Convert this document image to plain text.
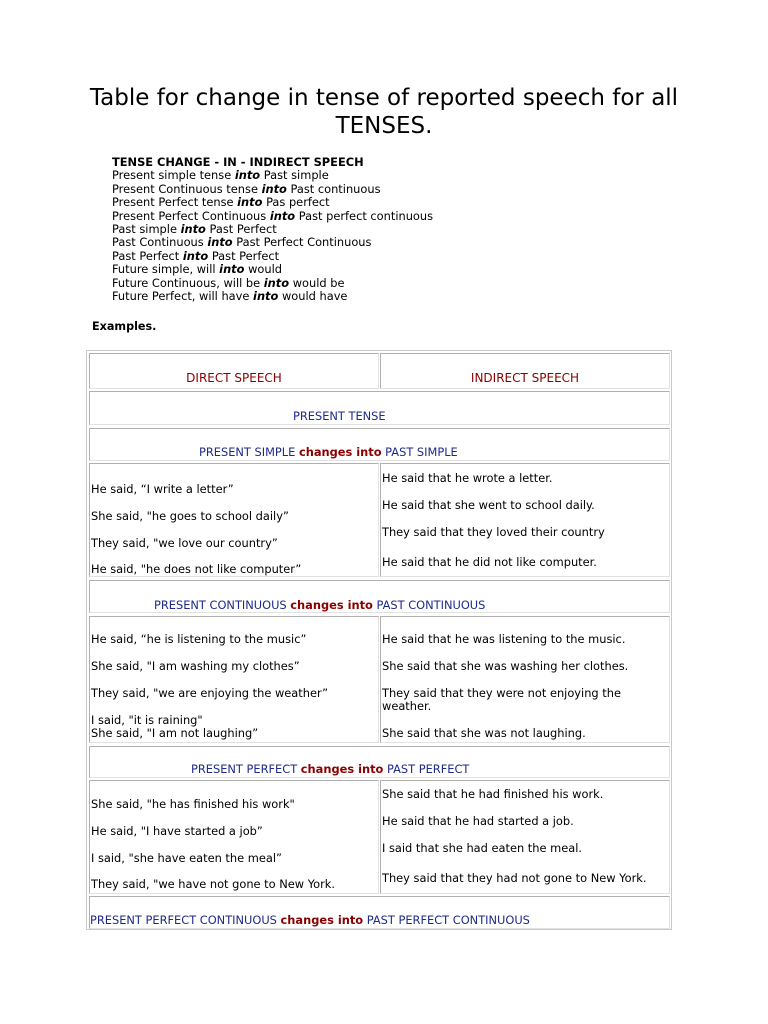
Table for change in tense of reported speech for all TENSES.
TENSE CHANGE - IN - INDIRECT SPEECH
Present simple tense into Past simple
Present Continuous tense into Past continuous
Present Perfect tense into Pas perfect
Present Perfect Continuous into Past perfect continuous
Past simple into Past Perfect
Past Continuous into Past Perfect Continuous
Past Perfect into Past Perfect
Future simple, will into would
Future Continuous, will be into would be
Future Perfect, will have into would have
Examples.
DIRECT SPEECH	INDIRECT SPEECH
PRESENT TENSE
PRESENT SIMPLE changes into PAST SIMPLE
He said, “I write a letter”
She said, "he goes to school daily”
They said, "we love our country”
He said, "he does not like computer”
He said that he wrote a letter.
He said that she went to school daily.
They said that they loved their country
He said that he did not like computer.
PRESENT CONTINUOUS changes into PAST CONTINUOUS
He said, “he is listening to the music”
She said, "I am washing my clothes”
They said, "we are enjoying the weather”
I said, "it is raining"
She said, "I am not laughing”
He said that he was listening to the music.
She said that she was washing her clothes.
They said that they were not enjoying the weather.
She said that she was not laughing.
PRESENT PERFECT changes into PAST PERFECT
She said, "he has finished his work"
He said, "I have started a job”
I said, "she have eaten the meal”
They said, "we have not gone to New York.
She said that he had finished his work.
He said that he had started a job.
I said that she had eaten the meal.
They said that they had not gone to New York.
PRESENT PERFECT CONTINUOUS changes into PAST PERFECT CONTINUOUS
